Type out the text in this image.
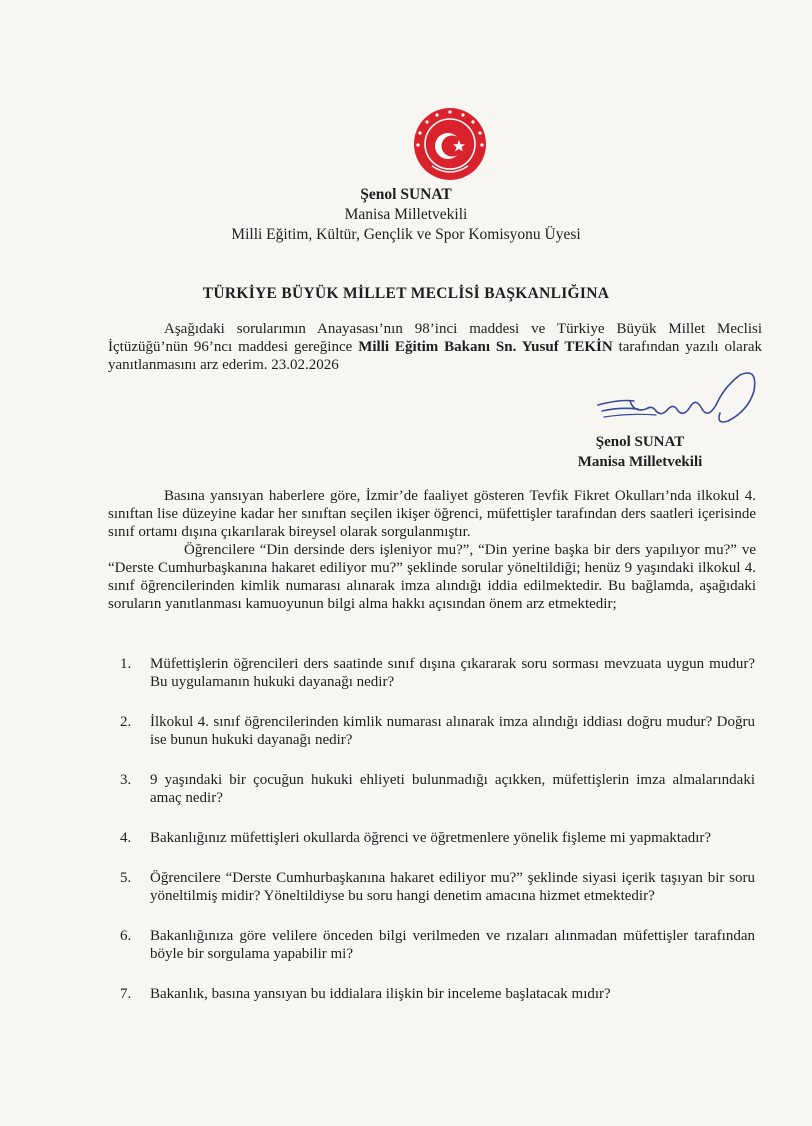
Şenol SUNAT
Manisa Milletvekili
Milli Eğitim, Kültür, Gençlik ve Spor Komisyonu Üyesi
TÜRKİYE BÜYÜK MİLLET MECLİSİ BAŞKANLIĞINA
Aşağıdaki sorularımın Anayasası’nın 98’inci maddesi ve Türkiye Büyük Millet Meclisi İçtüzüğü’nün 96’ncı maddesi gereğince Milli Eğitim Bakanı Sn. Yusuf TEKİN tarafından yazılı olarak yanıtlanmasını arz ederim. 23.02.2026
Şenol SUNAT
Manisa Milletvekili
Basına yansıyan haberlere göre, İzmir’de faaliyet gösteren Tevfik Fikret Okulları’nda ilkokul 4. sınıftan lise düzeyine kadar her sınıftan seçilen ikişer öğrenci, müfettişler tarafından ders saatleri içerisinde sınıf ortamı dışına çıkarılarak bireysel olarak sorgulanmıştır.
Öğrencilere “Din dersinde ders işleniyor mu?”, “Din yerine başka bir ders yapılıyor mu?” ve “Derste Cumhurbaşkanına hakaret ediliyor mu?” şeklinde sorular yöneltildiği; henüz 9 yaşındaki ilkokul 4. sınıf öğrencilerinden kimlik numarası alınarak imza alındığı iddia edilmektedir. Bu bağlamda, aşağıdaki soruların yanıtlanması kamuoyunun bilgi alma hakkı açısından önem arz etmektedir;
1. Müfettişlerin öğrencileri ders saatinde sınıf dışına çıkararak soru sorması mevzuata uygun mudur? Bu uygulamanın hukuki dayanağı nedir?
2. İlkokul 4. sınıf öğrencilerinden kimlik numarası alınarak imza alındığı iddiası doğru mudur? Doğru ise bunun hukuki dayanağı nedir?
3. 9 yaşındaki bir çocuğun hukuki ehliyeti bulunmadığı açıkken, müfettişlerin imza almalarındaki amaç nedir?
4. Bakanlığınız müfettişleri okullarda öğrenci ve öğretmenlere yönelik fişleme mi yapmaktadır?
5. Öğrencilere “Derste Cumhurbaşkanına hakaret ediliyor mu?” şeklinde siyasi içerik taşıyan bir soru yöneltilmiş midir? Yöneltildiyse bu soru hangi denetim amacına hizmet etmektedir?
6. Bakanlığınıza göre velilere önceden bilgi verilmeden ve rızaları alınmadan müfettişler tarafından böyle bir sorgulama yapabilir mi?
7. Bakanlık, basına yansıyan bu iddialara ilişkin bir inceleme başlatacak mıdır?
